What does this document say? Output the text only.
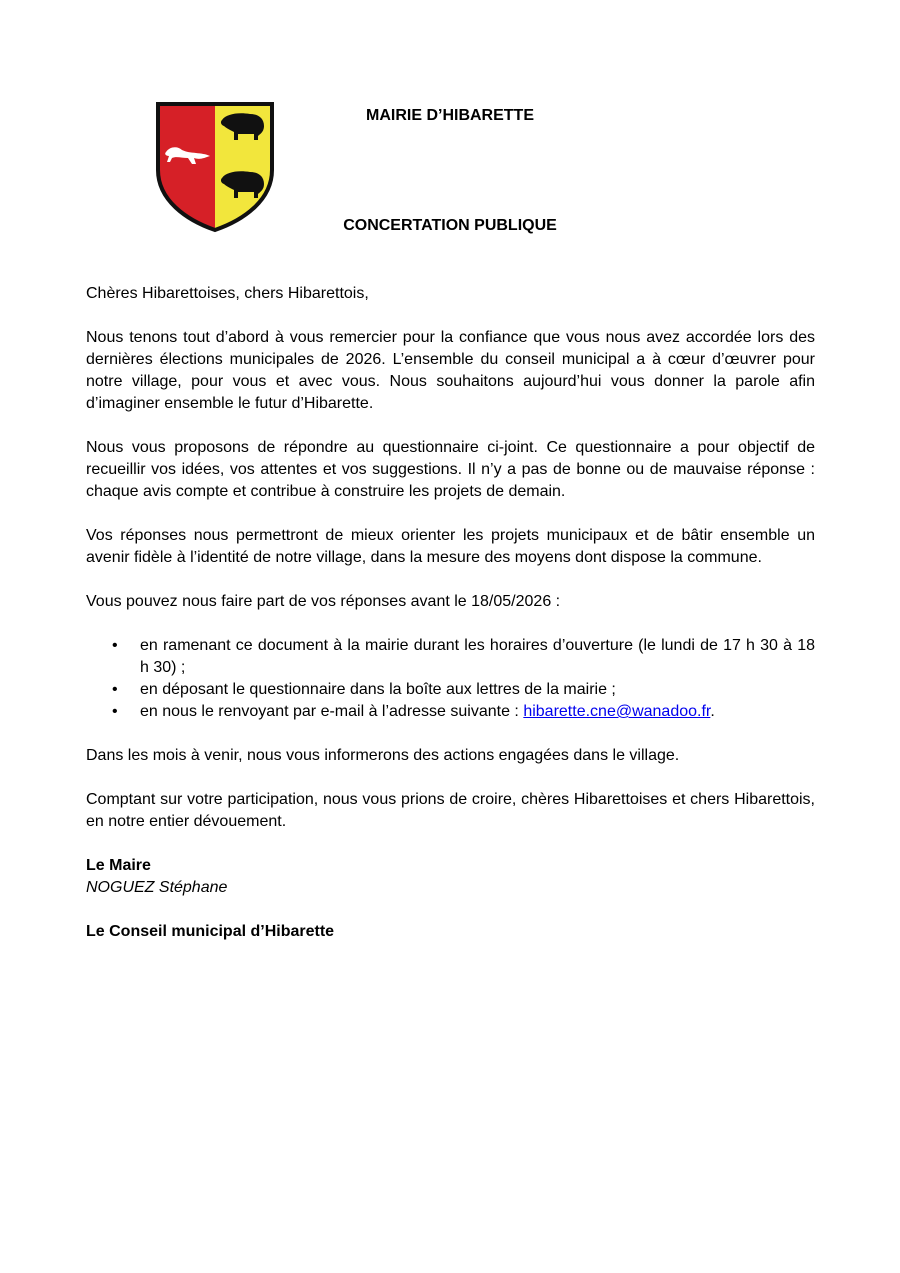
MAIRIE D’HIBARETTE
CONCERTATION PUBLIQUE

Chères Hibarettoises, chers Hibarettois,

Nous tenons tout d’abord à vous remercier pour la confiance que vous nous avez accordée lors des dernières élections municipales de 2026. L’ensemble du conseil municipal a à cœur d’œuvrer pour notre village, pour vous et avec vous. Nous souhaitons aujourd’hui vous donner la parole afin d’imaginer ensemble le futur d’Hibarette.

Nous vous proposons de répondre au questionnaire ci-joint. Ce questionnaire a pour objectif de recueillir vos idées, vos attentes et vos suggestions. Il n’y a pas de bonne ou de mauvaise réponse : chaque avis compte et contribue à construire les projets de demain.

Vos réponses nous permettront de mieux orienter les projets municipaux et de bâtir ensemble un avenir fidèle à l’identité de notre village, dans la mesure des moyens dont dispose la commune.

Vous pouvez nous faire part de vos réponses avant le 18/05/2026 :

• en ramenant ce document à la mairie durant les horaires d’ouverture (le lundi de 17 h 30 à 18 h 30) ;
• en déposant le questionnaire dans la boîte aux lettres de la mairie ;
• en nous le renvoyant par e-mail à l’adresse suivante : hibarette.cne@wanadoo.fr.

Dans les mois à venir, nous vous informerons des actions engagées dans le village.

Comptant sur votre participation, nous vous prions de croire, chères Hibarettoises et chers Hibarettois, en notre entier dévouement.

Le Maire
NOGUEZ Stéphane
Le Conseil municipal d’Hibarette
